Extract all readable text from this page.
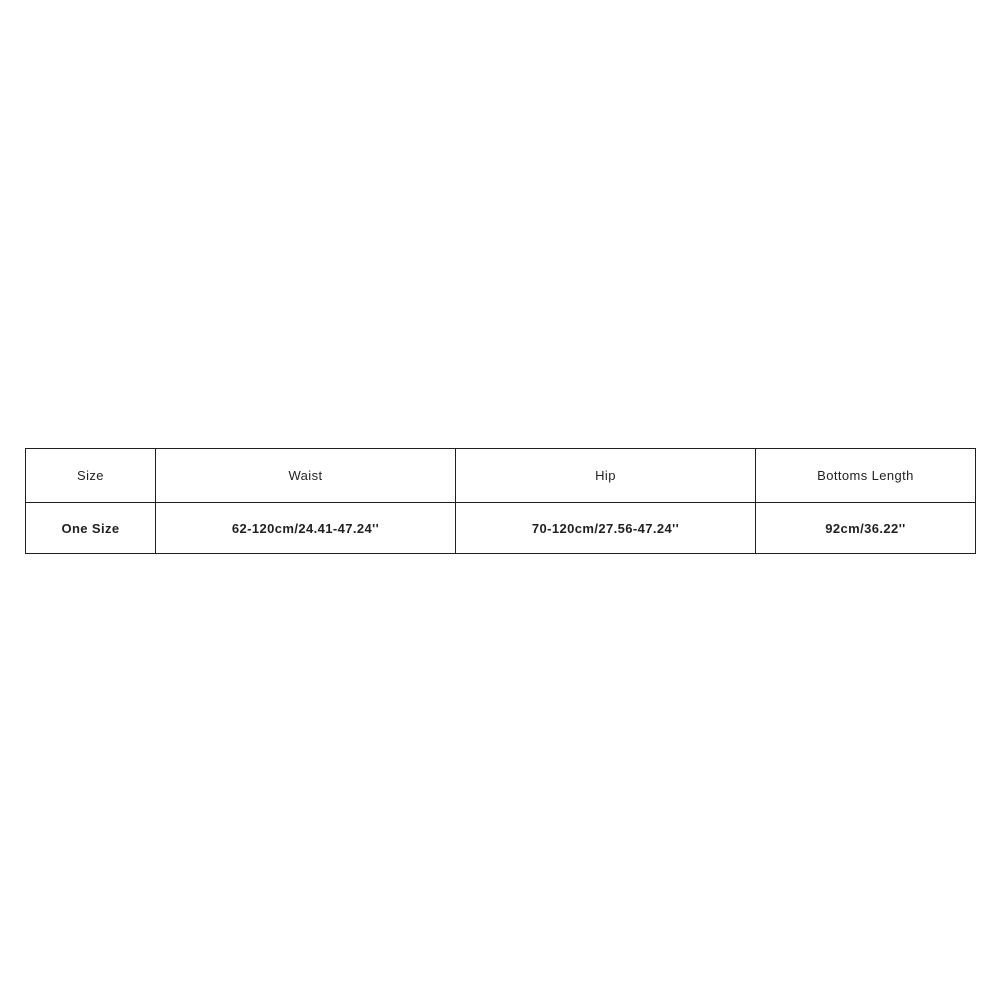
Size	Waist	Hip	Bottoms Length
One Size	62-120cm/24.41-47.24''	70-120cm/27.56-47.24''	92cm/36.22''
